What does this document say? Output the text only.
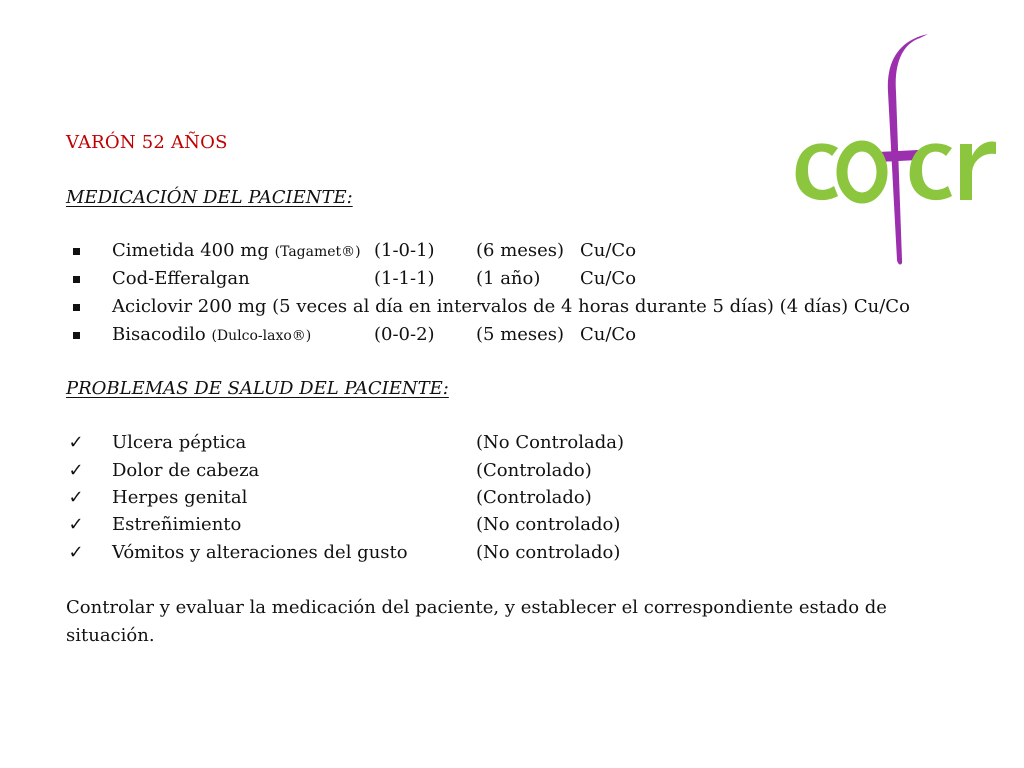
VARÓN 52 AÑOS
MEDICACIÓN DEL PACIENTE:
Cimetida 400 mg (Tagamet®) (1-0-1) (6 meses) Cu/Co
Cod-Efferalgan	(1-1-1) (1 año) Cu/Co
Aciclovir 200 mg (5 veces al día en intervalos de 4 horas durante 5 días) (4 días) Cu/Co
Bisacodilo (Dulco-laxo®)	(0-0-2) (5 meses) Cu/Co
PROBLEMAS DE SALUD DEL PACIENTE:
✓ Ulcera péptica	(No Controlada)
✓ Dolor de cabeza	(Controlado)
✓ Herpes genital	(Controlado)
✓ Estreñimiento	(No controlado)
✓ Vómitos y alteraciones del gusto	(No controlado)
Controlar y evaluar la medicación del paciente, y establecer el correspondiente estado de situación.
